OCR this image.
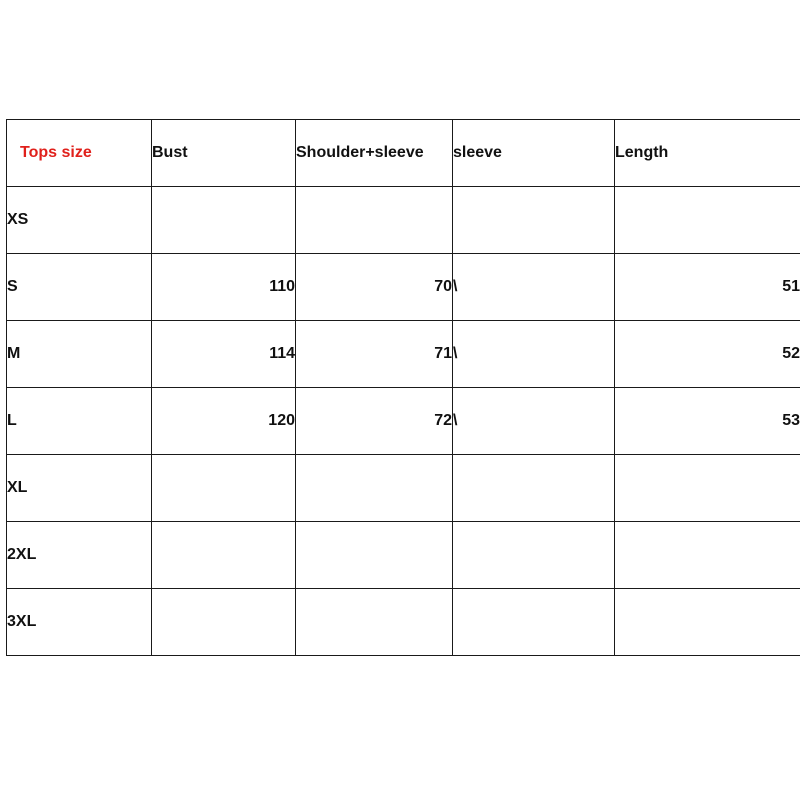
Tops size	Bust	Shoulder+sleeve	sleeve	Length
XS				
S	110	70	\	51
M	114	71	\	52
L	120	72	\	53
XL				
2XL				
3XL				
